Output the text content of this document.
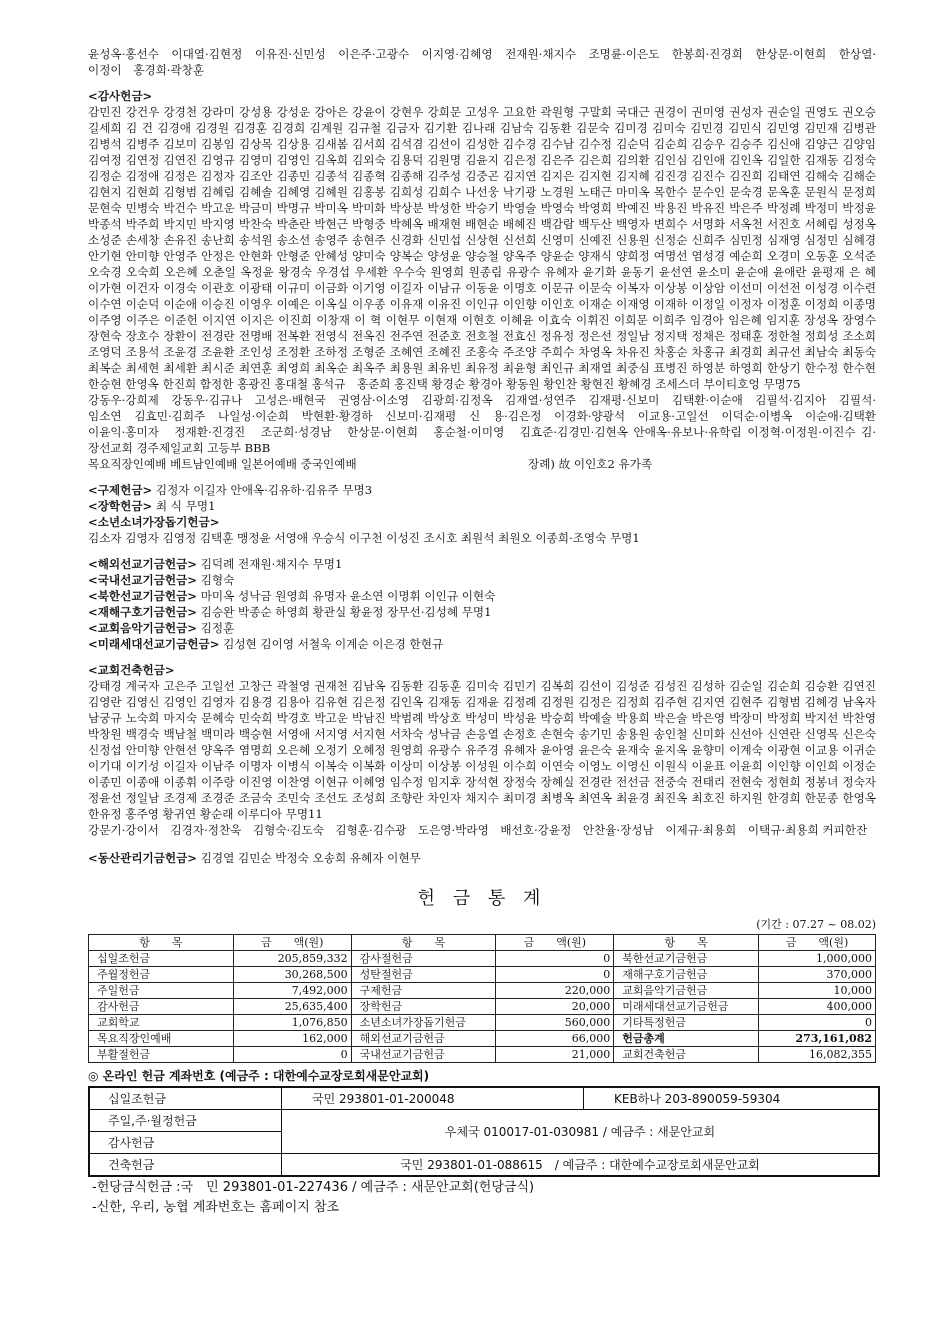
윤성옥·홍선수　이대열·김현정　이유진·신민성　이은주·고광수　이지영·김혜영　전재원·채지수　조명륜·이은도　한봉희·진경희　한상문·이현희　한상열·이정이　홍경희·곽창훈

<감사헌금>

감민진 강건우 강경천 강라미 강성용 강성운 강아은 강윤이 강현우 강희문 고성우 고요한 곽원형 구말회 국대근 권경이 권미영 권성자 권순일 권영도 권오승 길세희 김 건 김경애 김경원 김경훈 김경희 김계원 김규철 김금자 김기환 김나래 김남숙 김동환 김문숙 김미경 김미숙 김민경 김민식 김민영 김민재 김병관 김병석 김병주 김보미 김봉임 김상목 김상용 김새봄 김서희 김석겸 김선이 김성한 김수경 김수남 김수정 김순덕 김순희 김승우 김승주 김신애 김양근 김양임 김여정 김연정 김연진 김영규 김영미 김영인 김옥희 김외숙 김용덕 김원명 김윤지 김은정 김은주 김은희 김의환 김인심 김인애 김인옥 김일한 김재동 김정숙 김정순 김정애 김정은 김정자 김조안 김종민 김종석 김종혁 김종해 김주성 김중곤 김지연 김지은 김지현 김지혜 김진경 김진수 김진희 김태연 김해숙 김해순 김현지 김현희 김형범 김혜림 김혜솔 김혜영 김혜원 김홍봉 김희성 김희수 나선웅 낙기광 노경원 노태근 마미옥 목한수 문수인 문숙경 문옥훈 문원식 문정희 문현숙 민병숙 박건수 박고운 박금미 박명규 박미옥 박미화 박상분 박성한 박승기 박영술 박영숙 박영희 박예진 박용진 박유진 박은주 박정례 박정미 박정윤 박종석 박주희 박지민 박지영 박찬숙 박춘란 박현근 박형중 박혜옥 배재현 배현순 배혜진 백감람 백두산 백영자 변희수 서명화 서옥천 서진호 서혜림 성정옥 소성준 손세창 손유진 송난희 송석원 송소선 송영주 송현주 신경화 신민섭 신상현 신선희 신영미 신예진 신용원 신정순 신희주 심민정 심재영 심정민 심혜경 안기현 안미향 안영주 안정은 안현화 안형준 안혜성 양미숙 양복순 양성윤 양승철 양옥주 양윤순 양재식 양희정 여명선 염성경 예순희 오경미 오동훈 오석준 오숙경 오숙희 오은혜 오춘일 옥정윤 왕경숙 우경섭 우세환 우수숙 원영희 원종림 유광수 유혜자 윤기화 윤동기 윤선연 윤소미 윤순애 윤애란 윤평재 은 혜 이가현 이건자 이경숙 이관호 이광태 이규미 이금화 이기영 이길자 이남규 이동윤 이명호 이문규 이문숙 이복자 이상봉 이상암 이선미 이선전 이성경 이수련 이수연 이순덕 이순애 이승진 이영우 이예은 이옥실 이우종 이유재 이유진 이인규 이인향 이인호 이재순 이재영 이재하 이정일 이정자 이정훈 이정희 이종명 이주영 이주은 이준헌 이지연 이지은 이진희 이창재 이 혁 이현무 이현재 이현호 이혜윤 이효숙 이휘진 이희문 이희주 임경아 임은혜 임지훈 장성옥 장영수 장현숙 장호수 장환이 전경란 전명배 전복환 전영식 전옥진 전주연 전준호 전호철 전효신 정유정 정은선 정일남 정지택 정채은 정태훈 정한철 정희성 조소희 조영덕 조용석 조윤경 조윤환 조인성 조정환 조하정 조형준 조혜연 조혜진 조홍숙 주조양 주희수 차영옥 차유진 차홍순 차홍규 최경희 최규선 최남숙 최동숙 최복순 최세현 최세환 최시준 최연훈 최영희 최옥순 최옥주 최용원 최유빈 최유정 최윤형 최인규 최재열 최중심 표병진 하영분 하영희 한상기 한수정 한수현 한승현 한영옥 한진희 함정한 홍광진 홍대철 홍석규　홍준희 홍진택 황경순 황경아 황동원 황인찬 황현진 황혜경 조세스더 부이티호엉 무명75

강동우·강희제　강동우·김규나　고성은·배현국　권영삼·이소영　김광희·김정옥　김재열·성연주　김재평·신보미　김택환·이순애　김필석·김지아　김필석·임소연　김효민·김희주　나일성·이순희　박현환·황경하　신보미·김재평　신　용·김은정　이경화·양광석　이교용·고일선　이덕순·이병옥　이순애·김택환　이윤익·홍미자　정재환·진경진　조군희·성경남　한상문·이현희　홍순철·이미영　김효준·김경민·김현옥 안애옥·유보나·유학림 이정혁·이정원·이진수 김·장선교회 경주제일교회 고등부 BBB

목요직장인예배 베트남인예배 일본어예배 중국인예배	장례) 故 이인호2 유가족

<구제헌금> 김정자 이길자 안애옥·김유하·김유주 무명3

<장학헌금> 최 식 무명1

<소년소녀가장돕기헌금>

김소자 김영자 김영정 김택훈 맹정윤 서영애 우승식 이구천 이성진 조시호 최원석 최원오 이종희·조영숙 무명1

<해외선교기금헌금> 김덕례 전재원·채지수 무명1

<국내선교기금헌금> 김형숙

<북한선교기금헌금> 마미옥 성낙금 원영희 유명자 윤소연 이명휘 이인규 이현숙

<재해구호기금헌금> 김승완 박종순 하영희 황관실 황윤정 장무선·김성혜 무명1

<교회음악기금헌금> 김정훈

<미래세대선교기금헌금> 김성현 김이영 서철욱 이계순 이은경 한현규

<교회건축헌금>

강태경 계국자 고은주 고일선 고창근 곽철영 권재천 김남옥 김동환 김동훈 김미숙 김민기 김복희 김선이 김성준 김성진 김성하 김순일 김순희 김승환 김연진 김영란 김영신 김영인 김영자 김용경 김용아 김유현 김은정 김인옥 김재동 김재윤 김정례 김정원 김정은 김정희 김주현 김지연 김현주 김형범 김혜경 남옥자 남궁규 노숙희 마지숙 문혜숙 민숙희 박경호 박고운 박남진 박범례 박상호 박성미 박성윤 박승희 박예술 박용희 박은술 박은영 박장미 박정희 박지선 박찬영 박창원 백경숙 백남철 백미라 백승현 서영애 서지영 서지현 서차숙 성낙금 손응열 손정호 손현숙 송기민 송용원 송인철 신미화 신선아 신연란 신영목 신은숙 신정섭 안미향 안현선 양옥주 염명희 오은혜 오정기 오혜정 원영희 유광수 유주경 유혜자 윤아영 윤은숙 윤재숙 윤지옥 윤향미 이계숙 이광현 이교용 이귀순 이기대 이기성 이길자 이남주 이명자 이병식 이복숙 이복화 이상미 이상봉 이성원 이수희 이연숙 이영노 이영신 이원식 이윤표 이윤희 이인향 이인희 이정순 이종민 이종애 이종휘 이주랑 이진영 이찬영 이현규 이혜영 임수정 임지후 장석현 장정숙 장혜실 전경란 전선금 전중숙 전태리 전현숙 정현희 정봉녀 정숙자 정윤선 정일남 조경제 조경준 조금숙 조민숙 조선도 조성희 조향란 차인자 채지수 최미경 최병옥 최연옥 최윤경 최진옥 최호진 하지원 한경희 한문종 한영옥 한유정 홍주영 황귀연 황순래 이루디아 무명11

강문기·강이서　김경자·정찬욱　김형숙·김도숙　김형훈·김수광　도은영·박라영　배선호·강윤정　안찬율·장성남　이제규·최용희　이택규·최용희 커피한잔

<동산관리기금헌금> 김경열 김민순 박정숙 오송희 유혜자 이현무

헌 금 통 계

(기간 : 07.27 ~ 08.02)

항　　목	금　　액(원)	항　　목	금　　액(원)	항　　목	금　　액(원)
십일조헌금	205,859,332	감사절헌금	0	북한선교기금헌금	1,000,000
주월정헌금	30,268,500	성탄절헌금	0	재해구호기금헌금	370,000
주일헌금	7,492,000	구제헌금	220,000	교회음악기금헌금	10,000
감사헌금	25,635,400	장학헌금	20,000	미래세대선교기금헌금	400,000
교회학교	1,076,850	소년소녀가장돕기헌금	560,000	기타특정헌금	0
목요직장인예배	162,000	해외선교기금헌금	66,000	헌금총계	273,161,082
부활절헌금	0	국내선교기금헌금	21,000	교회건축헌금	16,082,355
◎ 온라인 헌금 계좌번호 (예금주 : 대한예수교장로회새문안교회)
십일조헌금	국민 293801-01-200048	KEB하나 203-890059-59304
주일,주·월정헌금	우체국 010017-01-030981 / 예금주 : 새문안교회	
감사헌금		
건축헌금	국민 293801-01-088615　/ 예금주 : 대한예수교장로회새문안교회	

-헌당금식헌금 :국　민 293801-01-227436 / 예금주 : 새문안교회(헌당금식)

-신한, 우리, 농협 계좌번호는 홈페이지 참조
